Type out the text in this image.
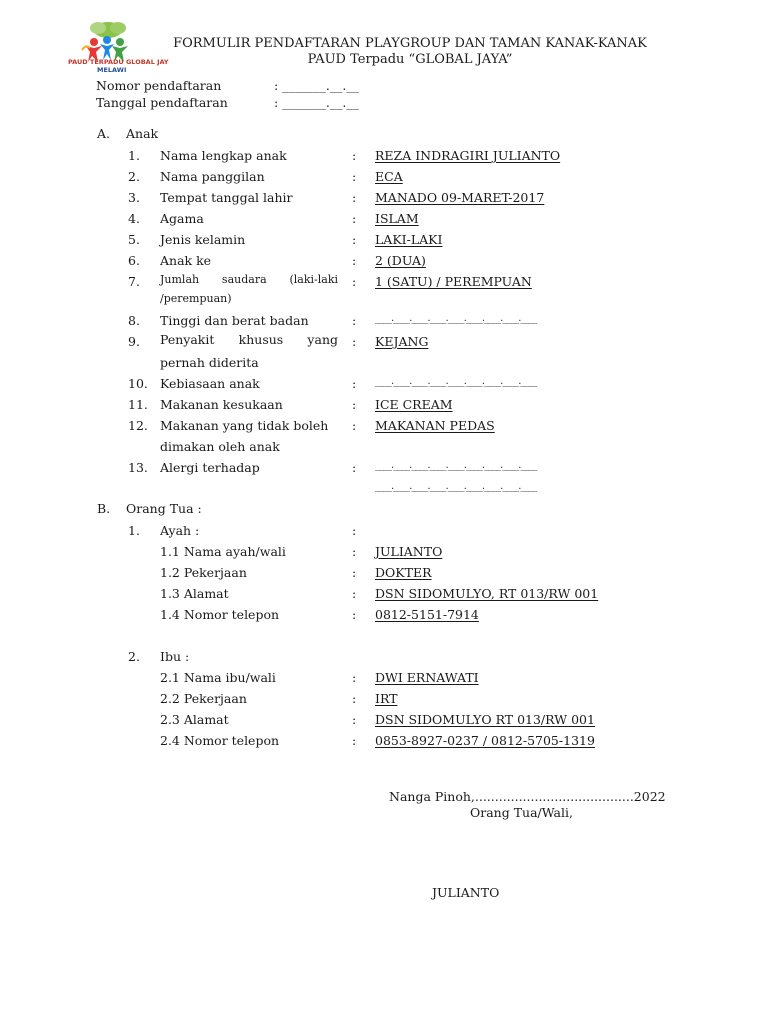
PAUD TERPADU GLOBAL JAY
MELAWI
FORMULIR PENDAFTARAN PLAYGROUP DAN TAMAN KANAK-KANAK
PAUD Terpadu “GLOBAL JAYA”
Nomor pendaftaran	: _______.__.__
Tanggal pendaftaran	: _______.__.__
A. Anak
1. Nama lengkap anak	: REZA INDRAGIRI JULIANTO
2. Nama panggilan	: ECA
3. Tempat tanggal lahir	: MANADO 09-MARET-2017
4. Agama	: ISLAM
5. Jenis kelamin	: LAKI-LAKI
6. Anak ke	: 2 (DUA)
7. Jumlah saudara (laki-laki
/perempuan)
: 1 (SATU) / PEREMPUAN
8. Tinggi dan berat badan	: ____.____.____.____.____.____.____.____.____
9. Penyakit khusus yang
pernah diderita
: KEJANG
10. Kebiasaan anak	: ____.____.____.____.____.____.____.____.____
11. Makanan kesukaan	: ICE CREAM
12. Makanan yang tidak boleh
dimakan oleh anak
: MAKANAN PEDAS
13. Alergi terhadap	: ____.____.____.____.____.____.____.____.____
____.____.____.____.____.____.____.____.____
B. Orang Tua :
1. Ayah :	:
1.1 Nama ayah/wali	: JULIANTO
1.2 Pekerjaan	: DOKTER
1.3 Alamat	: DSN SIDOMULYO, RT 013/RW 001
1.4 Nomor telepon	: 0812-5151-7914
2. Ibu :
2.1 Nama ibu/wali	: DWI ERNAWATI
2.2 Pekerjaan	: IRT
2.3 Alamat	: DSN SIDOMULYO RT 013/RW 001
2.4 Nomor telepon	: 0853-8927-0237 / 0812-5705-1319
Nanga Pinoh,........................................2022
Orang Tua/Wali,
JULIANTO
